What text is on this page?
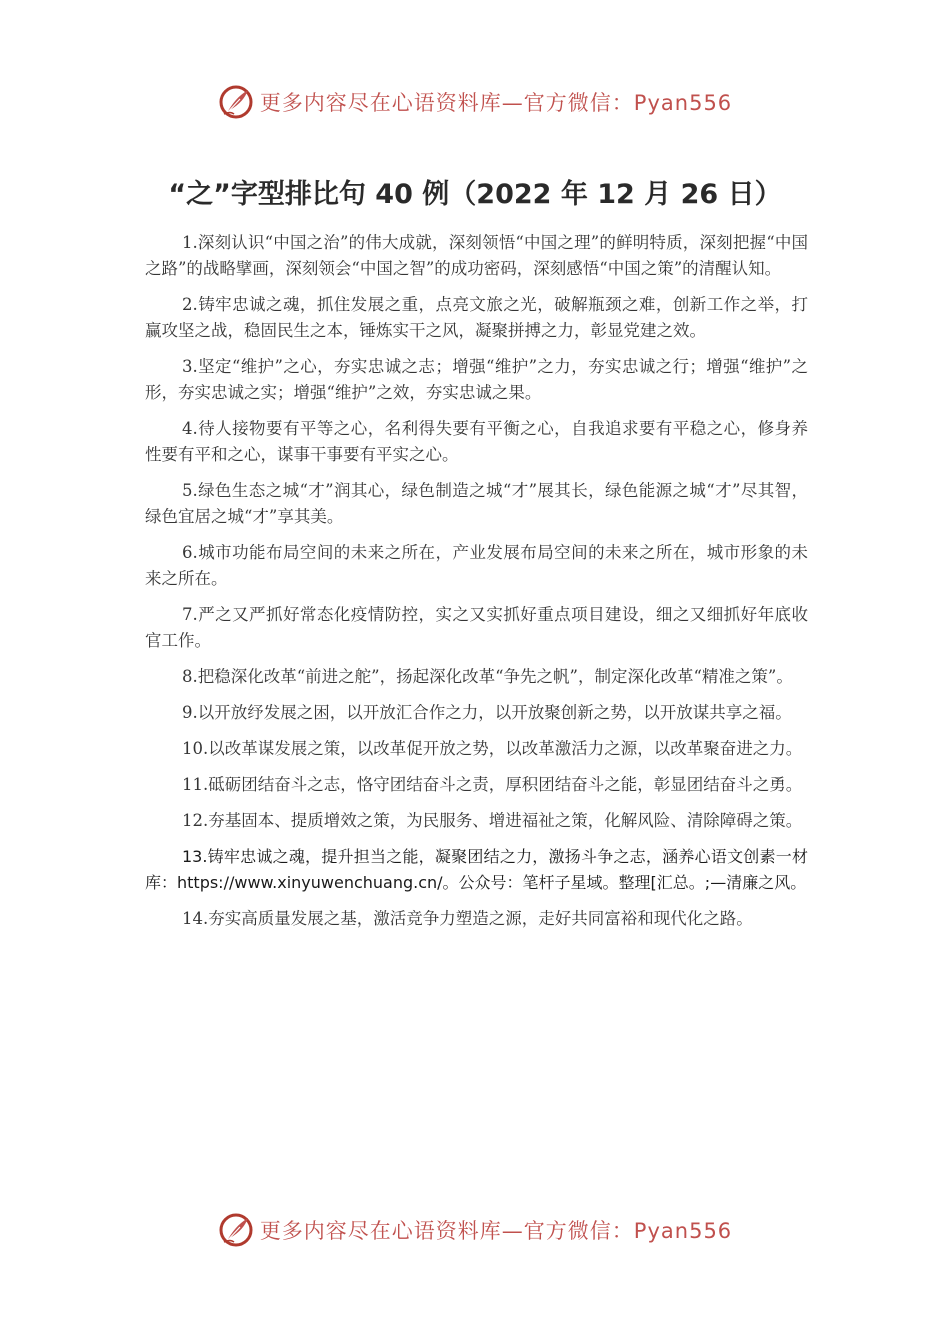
更多内容尽在心语资料库—官方微信：Pyan556
“之”字型排比句 40 例（2022 年 12 月 26 日）

1.深刻认识“中国之治”的伟大成就，深刻领悟“中国之理”的鲜明特质，深刻把握“中国之路”的战略擘画，深刻领会“中国之智”的成功密码，深刻感悟“中国之策”的清醒认知。

2.铸牢忠诚之魂，抓住发展之重，点亮文旅之光，破解瓶颈之难，创新工作之举，打赢攻坚之战，稳固民生之本，锤炼实干之风，凝聚拼搏之力，彰显党建之效。

3.坚定“维护”之心，夯实忠诚之志；增强“维护”之力，夯实忠诚之行；增强“维护”之形，夯实忠诚之实；增强“维护”之效，夯实忠诚之果。

4.待人接物要有平等之心，名利得失要有平衡之心，自我追求要有平稳之心，修身养性要有平和之心，谋事干事要有平实之心。

5.绿色生态之城“才”润其心，绿色制造之城“才”展其长，绿色能源之城“才”尽其智，绿色宜居之城“才”享其美。

6.城市功能布局空间的未来之所在，产业发展布局空间的未来之所在，城市形象的未来之所在。

7.严之又严抓好常态化疫情防控，实之又实抓好重点项目建设，细之又细抓好年底收官工作。

8.把稳深化改革“前进之舵”，扬起深化改革“争先之帆”，制定深化改革“精准之策”。

9.以开放纾发展之困，以开放汇合作之力，以开放聚创新之势，以开放谋共享之福。

10.以改革谋发展之策，以改革促开放之势，以改革激活力之源，以改革聚奋进之力。

11.砥砺团结奋斗之志，恪守团结奋斗之责，厚积团结奋斗之能，彰显团结奋斗之勇。

12.夯基固本、提质增效之策，为民服务、增进福祉之策，化解风险、清除障碍之策。

13.铸牢忠诚之魂，提升担当之能，凝聚团结之力，激扬斗争之志，涵养心语文创素一材库：https://www.xinyuwenchuang.cn/。公众号：笔杆子星域。整理[汇总。;—清廉之风。

14.夯实高质量发展之基，激活竞争力塑造之源，走好共同富裕和现代化之路。

更多内容尽在心语资料库—官方微信：Pyan556
